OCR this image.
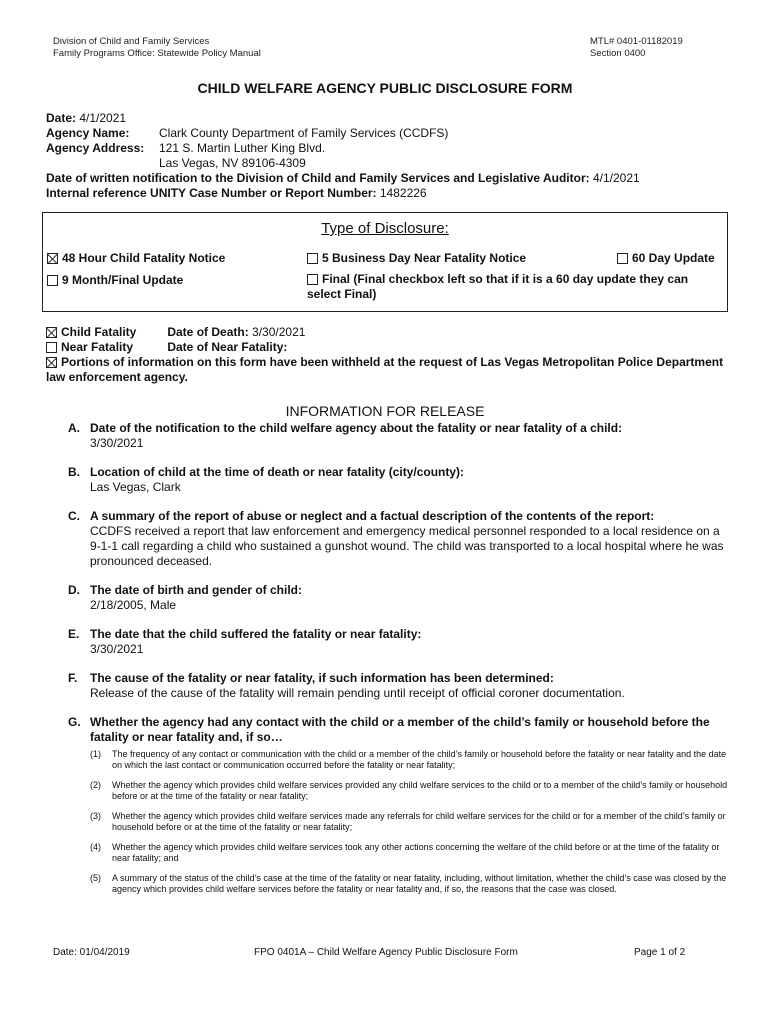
Division of Child and Family Services
Family Programs Office: Statewide Policy Manual
MTL# 0401-01182019
Section 0400
CHILD WELFARE AGENCY PUBLIC DISCLOSURE FORM
Date: 4/1/2021
Agency Name: Clark County Department of Family Services (CCDFS)
Agency Address: 121 S. Martin Luther King Blvd.
Las Vegas, NV 89106-4309
Date of written notification to the Division of Child and Family Services and Legislative Auditor: 4/1/2021
Internal reference UNITY Case Number or Report Number: 1482226
Type of Disclosure:
48 Hour Child Fatality Notice	5 Business Day Near Fatality Notice	60 Day Update
9 Month/Final Update	Final (Final checkbox left so that if it is a 60 day update they can select Final)
Child Fatality	Date of Death: 3/30/2021
Near Fatality	Date of Near Fatality:
Portions of information on this form have been withheld at the request of Las Vegas Metropolitan Police Department law enforcement agency.
INFORMATION FOR RELEASE
A. Date of the notification to the child welfare agency about the fatality or near fatality of a child:
3/30/2021
B. Location of child at the time of death or near fatality (city/county):
Las Vegas, Clark
C. A summary of the report of abuse or neglect and a factual description of the contents of the report:
CCDFS received a report that law enforcement and emergency medical personnel responded to a local residence on a 9-1-1 call regarding a child who sustained a gunshot wound. The child was transported to a local hospital where he was pronounced deceased.
D. The date of birth and gender of child:
2/18/2005, Male
E. The date that the child suffered the fatality or near fatality:
3/30/2021
F. The cause of the fatality or near fatality, if such information has been determined:
Release of the cause of the fatality will remain pending until receipt of official coroner documentation.
G. Whether the agency had any contact with the child or a member of the child’s family or household before the fatality or near fatality and, if so…
(1) The frequency of any contact or communication with the child or a member of the child’s family or household before the fatality or near fatality and the date on which the last contact or communication occurred before the fatality or near fatality;
(2) Whether the agency which provides child welfare services provided any child welfare services to the child or to a member of the child’s family or household before or at the time of the fatality or near fatality;
(3) Whether the agency which provides child welfare services made any referrals for child welfare services for the child or for a member of the child’s family or household before or at the time of the fatality or near fatality;
(4) Whether the agency which provides child welfare services took any other actions concerning the welfare of the child before or at the time of the fatality or near fatality; and
(5) A summary of the status of the child’s case at the time of the fatality or near fatality, including, without limitation, whether the child’s case was closed by the agency which provides child welfare services before the fatality or near fatality and, if so, the reasons that the case was closed.
Date: 01/04/2019	FPO 0401A – Child Welfare Agency Public Disclosure Form	Page 1 of 2
